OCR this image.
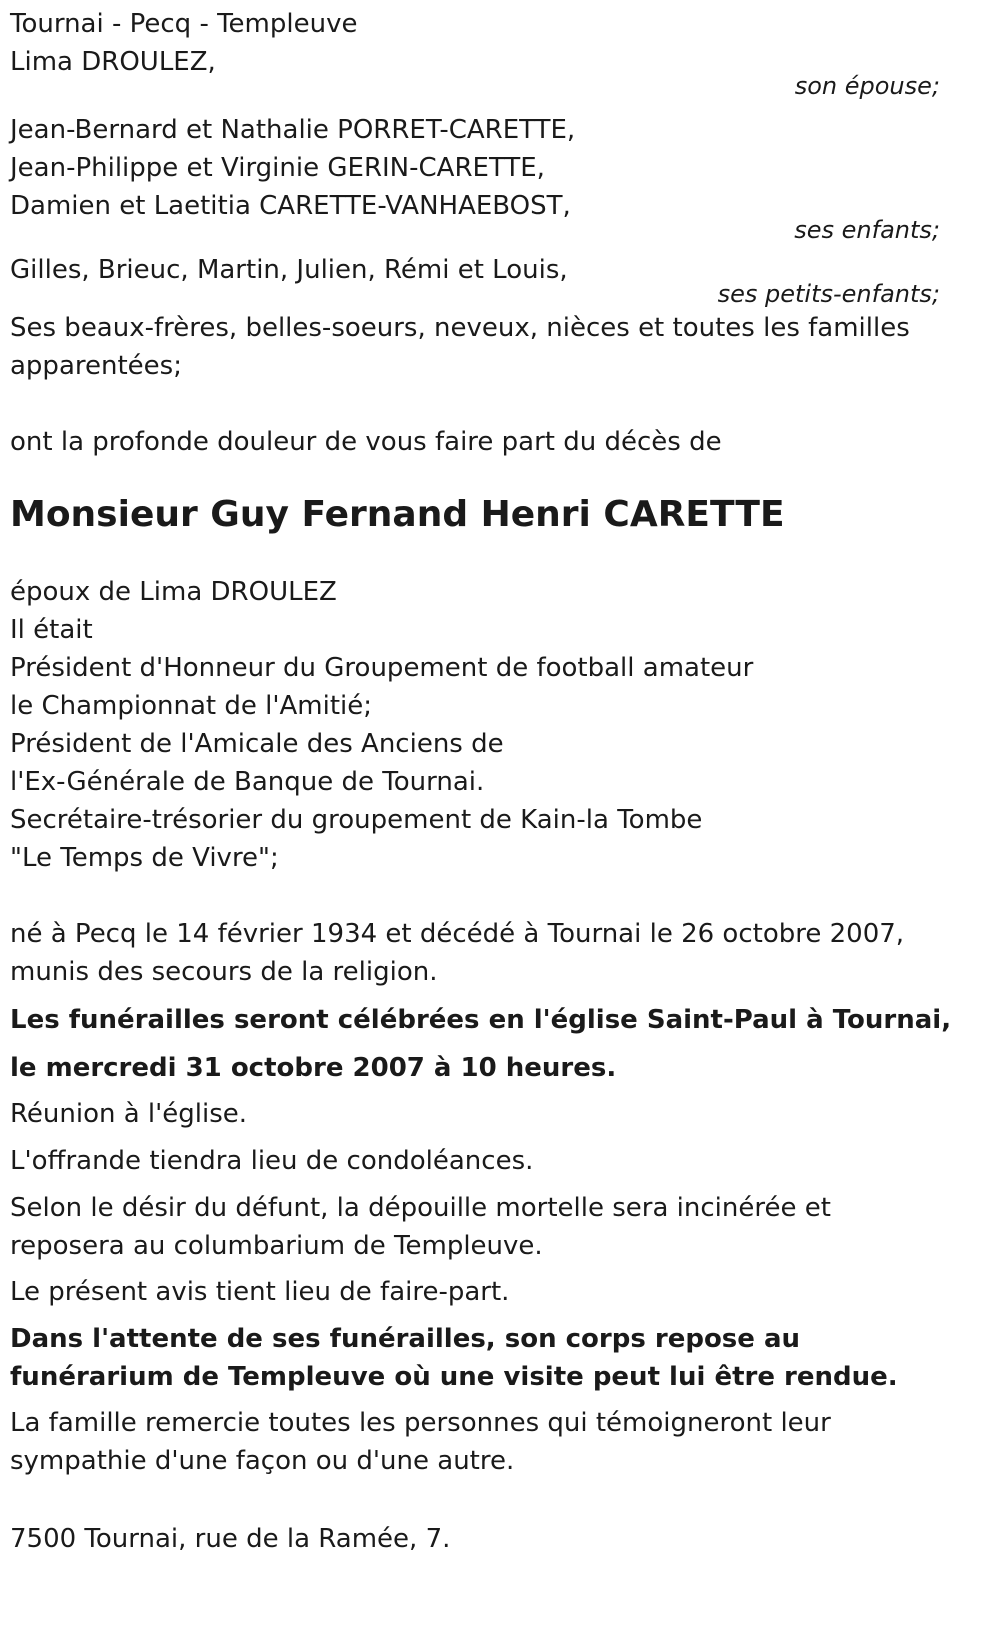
Tournai - Pecq - Templeuve

Lima DROULEZ,

son épouse;

Jean-Bernard et Nathalie PORRET-CARETTE,

Jean-Philippe et Virginie GERIN-CARETTE,

Damien et Laetitia CARETTE-VANHAEBOST,

ses enfants;

Gilles, Brieuc, Martin, Julien, Rémi et Louis,

ses petits-enfants;

Ses beaux-frères, belles-soeurs, neveux, nièces et toutes les familles apparentées;

ont la profonde douleur de vous faire part du décès de

Monsieur Guy Fernand Henri CARETTE

époux de Lima DROULEZ

Il était

Président d'Honneur du Groupement de football amateur

le Championnat de l'Amitié;

Président de l'Amicale des Anciens de

l'Ex-Générale de Banque de Tournai.

Secrétaire-trésorier du groupement de Kain-la Tombe

"Le Temps de Vivre";

né à Pecq le 14 février 1934 et décédé à Tournai le 26 octobre 2007, munis des secours de la religion.

Les funérailles seront célébrées en l'église Saint-Paul à Tournai,

le mercredi 31 octobre 2007 à 10 heures.

Réunion à l'église.

L'offrande tiendra lieu de condoléances.

Selon le désir du défunt, la dépouille mortelle sera incinérée et reposera au columbarium de Templeuve.

Le présent avis tient lieu de faire-part.

Dans l'attente de ses funérailles, son corps repose au funérarium de Templeuve où une visite peut lui être rendue.

La famille remercie toutes les personnes qui témoigneront leur sympathie d'une façon ou d'une autre.

7500 Tournai, rue de la Ramée, 7.
